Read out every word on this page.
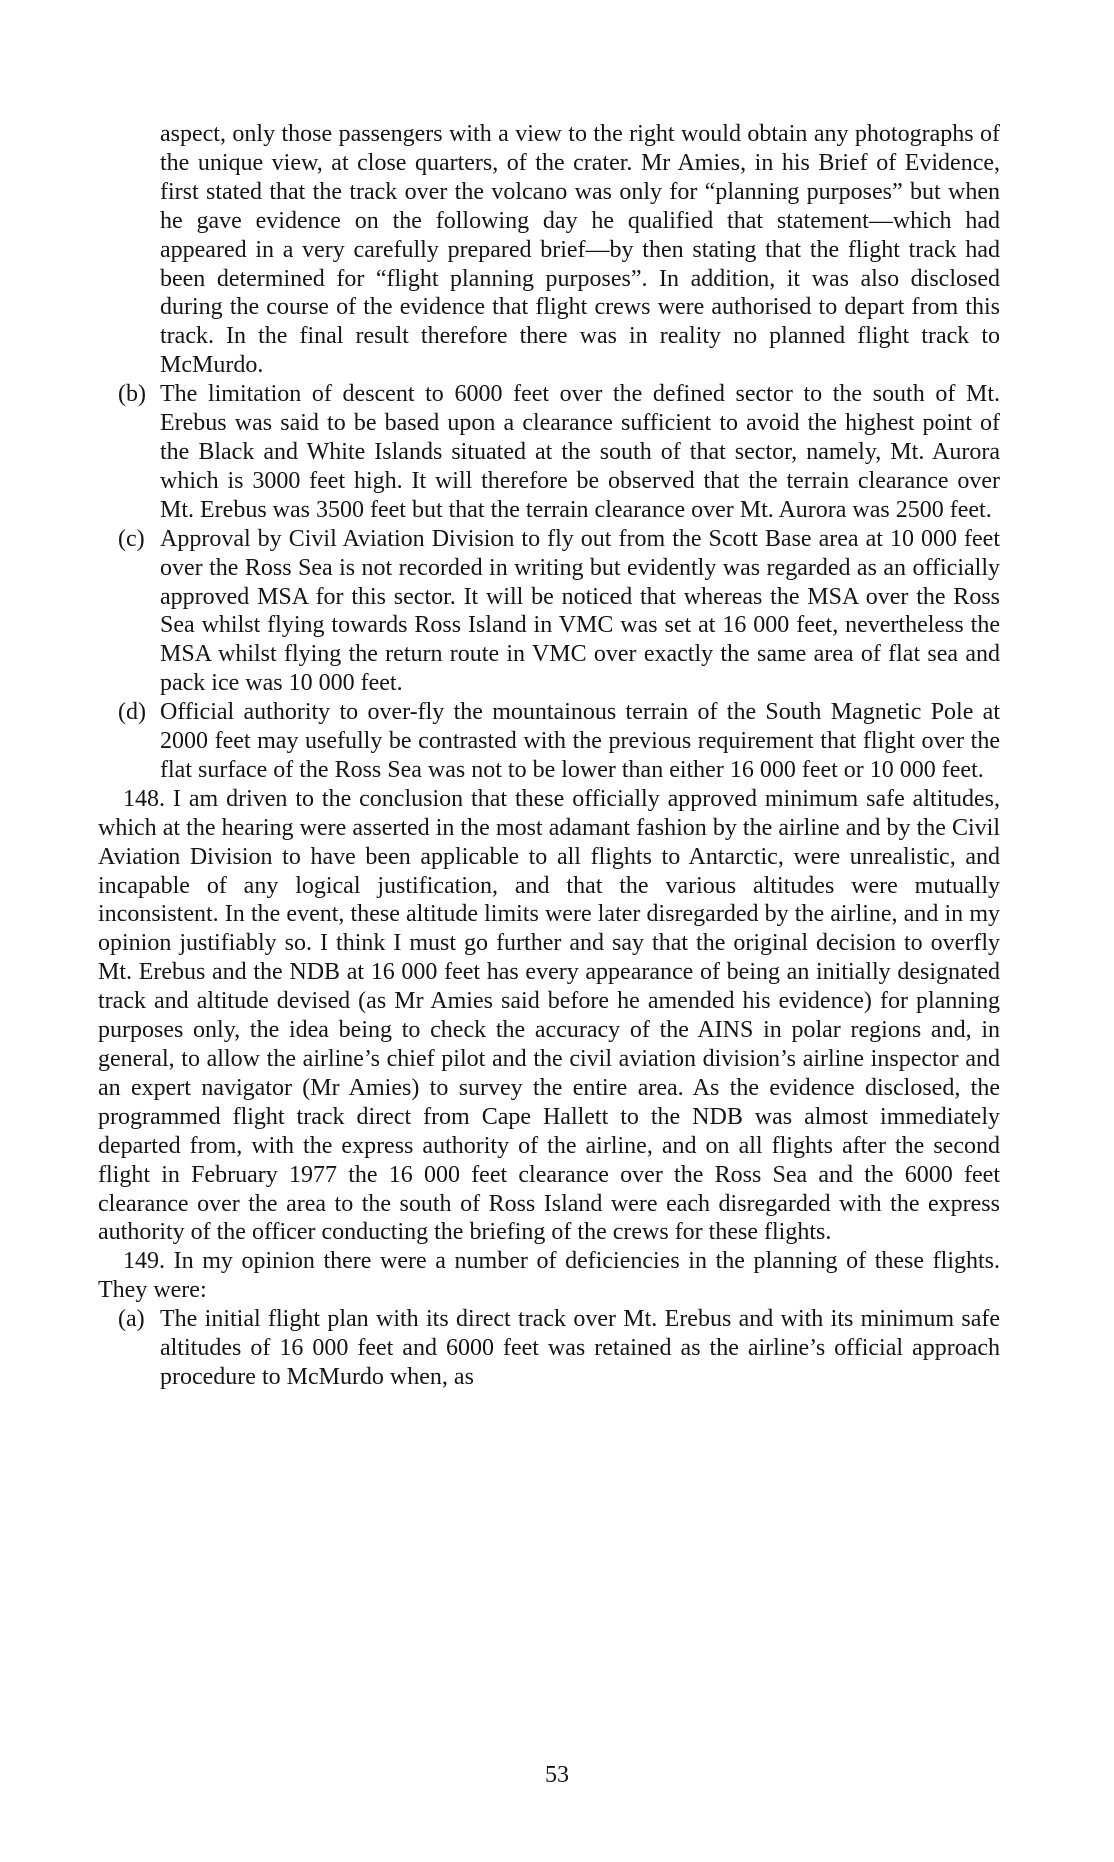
aspect, only those passengers with a view to the right would obtain any photographs of the unique view, at close quarters, of the crater. Mr Amies, in his Brief of Evidence, first stated that the track over the volcano was only for “planning purposes” but when he gave evidence on the following day he qualified that statement—which had appeared in a very carefully prepared brief—by then stating that the flight track had been determined for “flight planning purposes”. In addition, it was also disclosed during the course of the evidence that flight crews were authorised to depart from this track. In the final result therefore there was in reality no planned flight track to McMurdo.

(b) The limitation of descent to 6000 feet over the defined sector to the south of Mt. Erebus was said to be based upon a clearance sufficient to avoid the highest point of the Black and White Islands situated at the south of that sector, namely, Mt. Aurora which is 3000 feet high. It will therefore be observed that the terrain clearance over Mt. Erebus was 3500 feet but that the terrain clearance over Mt. Aurora was 2500 feet.

(c) Approval by Civil Aviation Division to fly out from the Scott Base area at 10 000 feet over the Ross Sea is not recorded in writing but evidently was regarded as an officially approved MSA for this sector. It will be noticed that whereas the MSA over the Ross Sea whilst flying towards Ross Island in VMC was set at 16 000 feet, nevertheless the MSA whilst flying the return route in VMC over exactly the same area of flat sea and pack ice was 10 000 feet.

(d) Official authority to over-fly the mountainous terrain of the South Magnetic Pole at 2000 feet may usefully be contrasted with the previous requirement that flight over the flat surface of the Ross Sea was not to be lower than either 16 000 feet or 10 000 feet.

148. I am driven to the conclusion that these officially approved minimum safe altitudes, which at the hearing were asserted in the most adamant fashion by the airline and by the Civil Aviation Division to have been applicable to all flights to Antarctic, were unrealistic, and incapable of any logical justification, and that the various altitudes were mutually inconsistent. In the event, these altitude limits were later disregarded by the airline, and in my opinion justifiably so. I think I must go further and say that the original decision to overfly Mt. Erebus and the NDB at 16 000 feet has every appearance of being an initially designated track and altitude devised (as Mr Amies said before he amended his evidence) for planning purposes only, the idea being to check the accuracy of the AINS in polar regions and, in general, to allow the airline’s chief pilot and the civil aviation division’s airline inspector and an expert navigator (Mr Amies) to survey the entire area. As the evidence disclosed, the programmed flight track direct from Cape Hallett to the NDB was almost immediately departed from, with the express authority of the airline, and on all flights after the second flight in February 1977 the 16 000 feet clearance over the Ross Sea and the 6000 feet clearance over the area to the south of Ross Island were each disregarded with the express authority of the officer conducting the briefing of the crews for these flights.

149. In my opinion there were a number of deficiencies in the planning of these flights. They were:

(a) The initial flight plan with its direct track over Mt. Erebus and with its minimum safe altitudes of 16 000 feet and 6000 feet was retained as the airline’s official approach procedure to McMurdo when, as

53
